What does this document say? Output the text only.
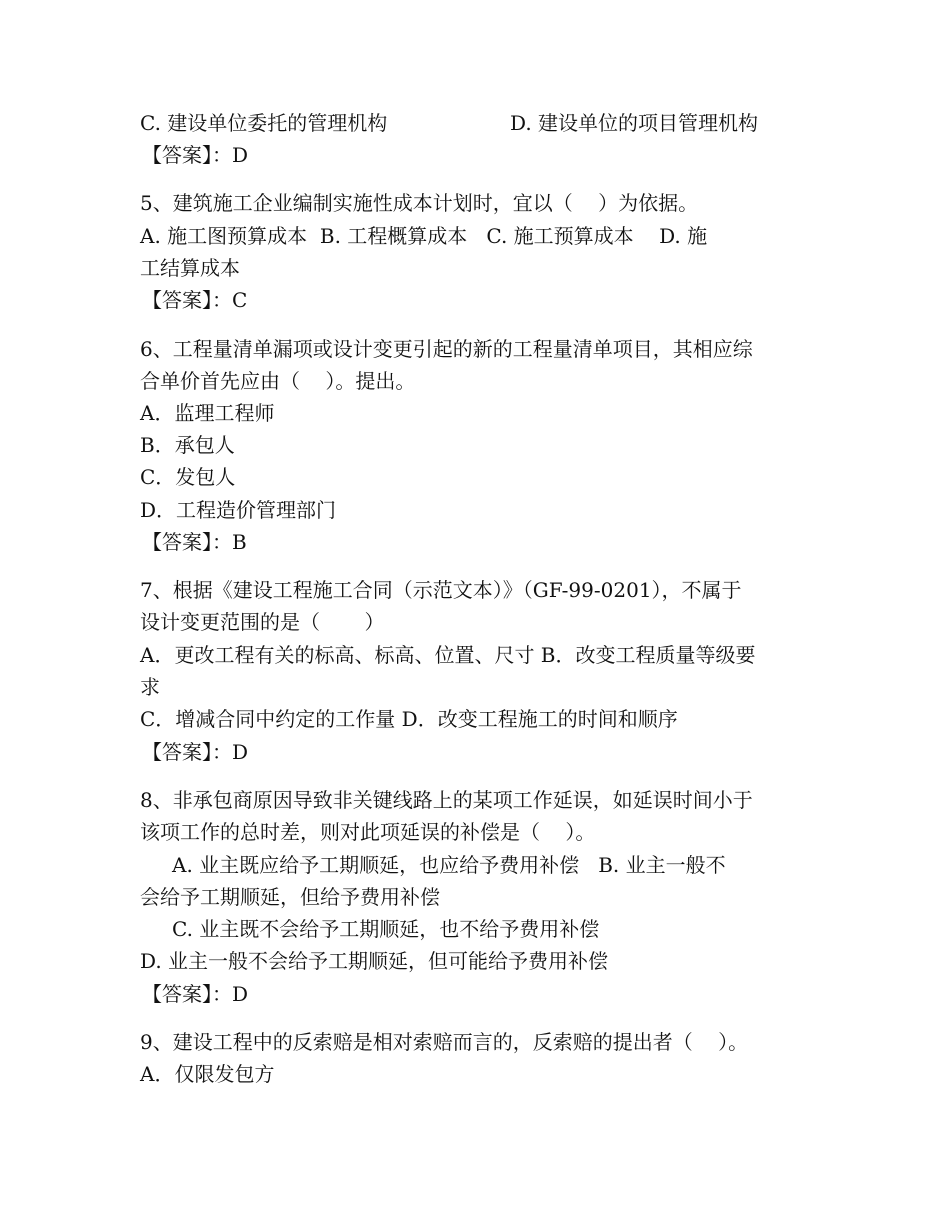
C. 建设单位委托的管理机构	D. 建设单位的项目管理机构
【答案】：D
5、建筑施工企业编制实施性成本计划时，宜以（    ）为依据。
A. 施工图预算成本  B. 工程概算成本   C. 施工预算成本    D. 施
工结算成本
【答案】：C
6、工程量清单漏项或设计变更引起的新的工程量清单项目，其相应综
合单价首先应由（    ）。提出。
A．监理工程师
B．承包人
C．发包人
D．工程造价管理部门
【答案】：B
7、根据《建设工程施工合同（示范文本）》（GF-99-0201），不属于
设计变更范围的是（       ）
A．更改工程有关的标高、标高、位置、尺寸 B．改变工程质量等级要
求
C．增减合同中约定的工作量 D．改变工程施工的时间和顺序
【答案】：D
8、非承包商原因导致非关键线路上的某项工作延误，如延误时间小于
该项工作的总时差，则对此项延误的补偿是（    ）。
A. 业主既应给予工期顺延，也应给予费用补偿   B. 业主一般不
会给予工期顺延，但给予费用补偿
C. 业主既不会给予工期顺延，也不给予费用补偿
D. 业主一般不会给予工期顺延，但可能给予费用补偿
【答案】：D
9、建设工程中的反索赔是相对索赔而言的，反索赔的提出者（    ）。
A．仅限发包方
